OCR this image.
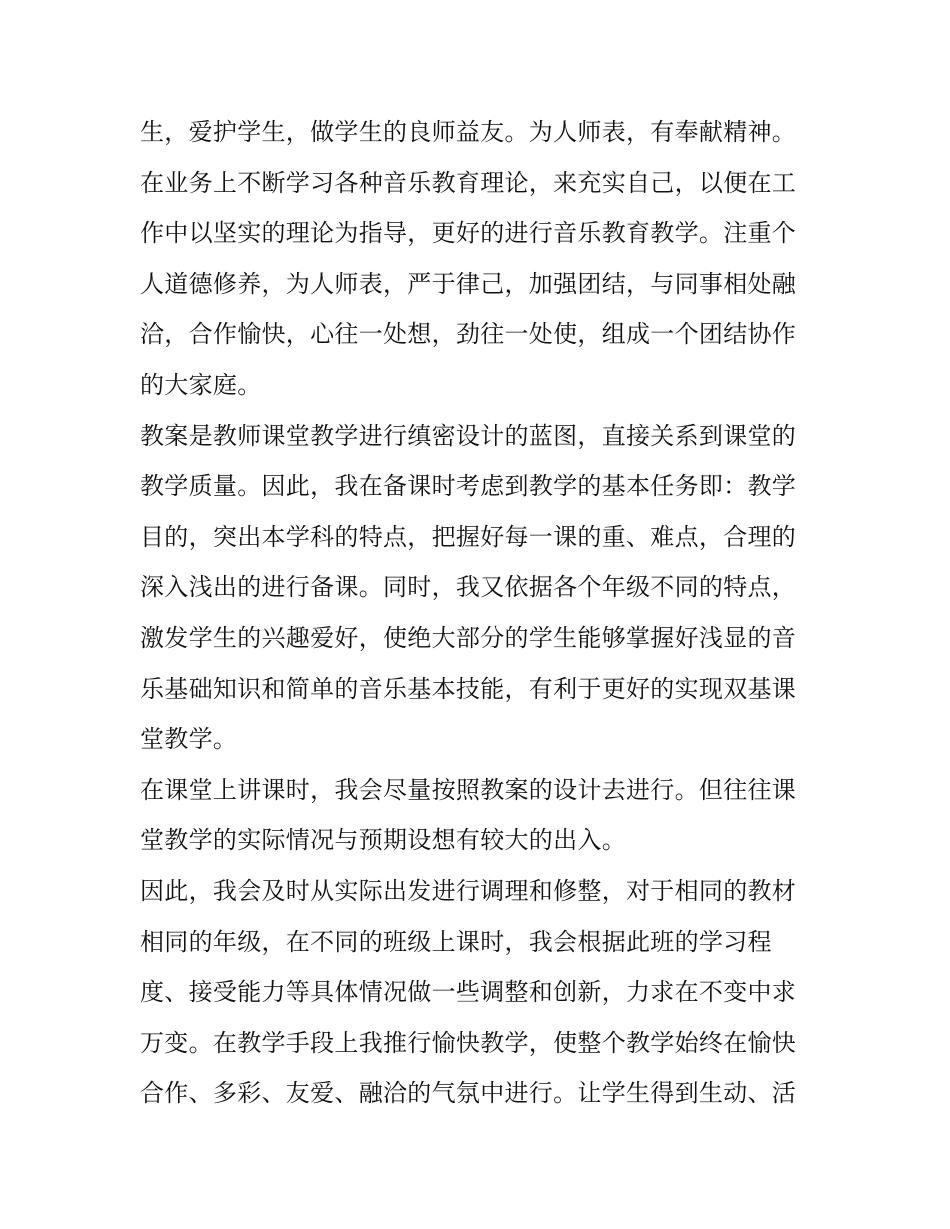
生，爱护学生，做学生的良师益友。为人师表，有奉献精神。
在业务上不断学习各种音乐教育理论，来充实自己，以便在工
作中以坚实的理论为指导，更好的进行音乐教育教学。注重个
人道德修养，为人师表，严于律己，加强团结，与同事相处融
洽，合作愉快，心往一处想，劲往一处使，组成一个团结协作
的大家庭。
教案是教师课堂教学进行缜密设计的蓝图，直接关系到课堂的
教学质量。因此，我在备课时考虑到教学的基本任务即：教学
目的，突出本学科的特点，把握好每一课的重、难点，合理的
深入浅出的进行备课。同时，我又依据各个年级不同的特点，
激发学生的兴趣爱好，使绝大部分的学生能够掌握好浅显的音
乐基础知识和简单的音乐基本技能，有利于更好的实现双基课
堂教学。
在课堂上讲课时，我会尽量按照教案的设计去进行。但往往课
堂教学的实际情况与预期设想有较大的出入。
因此，我会及时从实际出发进行调理和修整，对于相同的教材
相同的年级，在不同的班级上课时，我会根据此班的学习程
度、接受能力等具体情况做一些调整和创新，力求在不变中求
万变。在教学手段上我推行愉快教学，使整个教学始终在愉快
合作、多彩、友爱、融洽的气氛中进行。让学生得到生动、活
